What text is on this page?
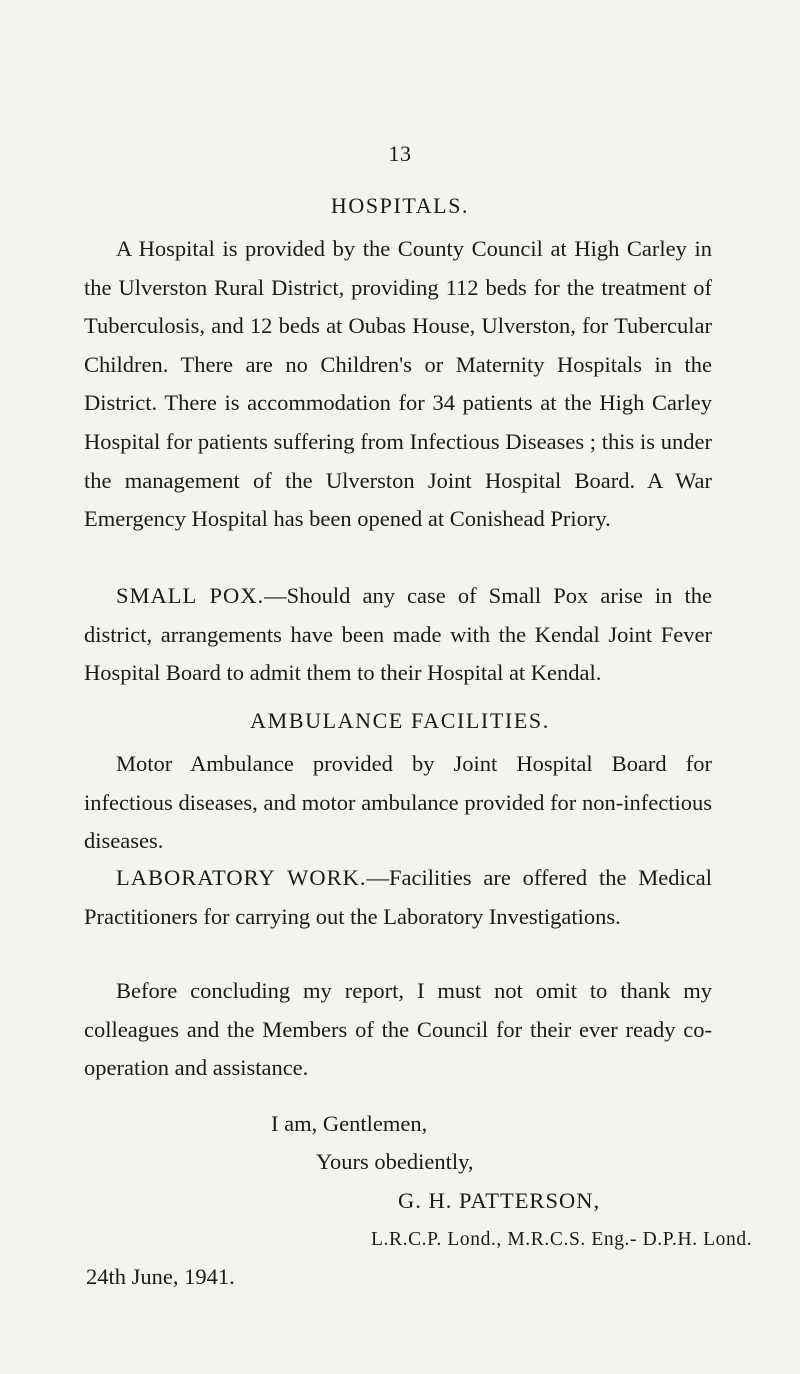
13
HOSPITALS.

A Hospital is provided by the County Council at High Carley in the Ulverston Rural District, providing 112 beds for the treatment of Tuberculosis, and 12 beds at Oubas House, Ulverston, for Tubercular Children. There are no Children's or Maternity Hospitals in the District. There is accommodation for 34 patients at the High Carley Hospital for patients suffering from Infectious Diseases ; this is under the management of the Ulverston Joint Hospital Board. A War Emergency Hospital has been opened at Conishead Priory.

SMALL POX.—Should any case of Small Pox arise in the district, arrangements have been made with the Kendal Joint Fever Hospital Board to admit them to their Hospital at Kendal.

AMBULANCE FACILITIES.

Motor Ambulance provided by Joint Hospital Board for infectious diseases, and motor ambulance provided for non-infectious diseases.

LABORATORY WORK.—Facilities are offered the Medical Practitioners for carrying out the Laboratory Investigations.

Before concluding my report, I must not omit to thank my colleagues and the Members of the Council for their ever ready co-operation and assistance.

I am, Gentlemen,
Yours obediently,
G. H. PATTERSON,
L.R.C.P. Lond., M.R.C.S. Eng.- D.P.H. Lond.
24th June, 1941.
